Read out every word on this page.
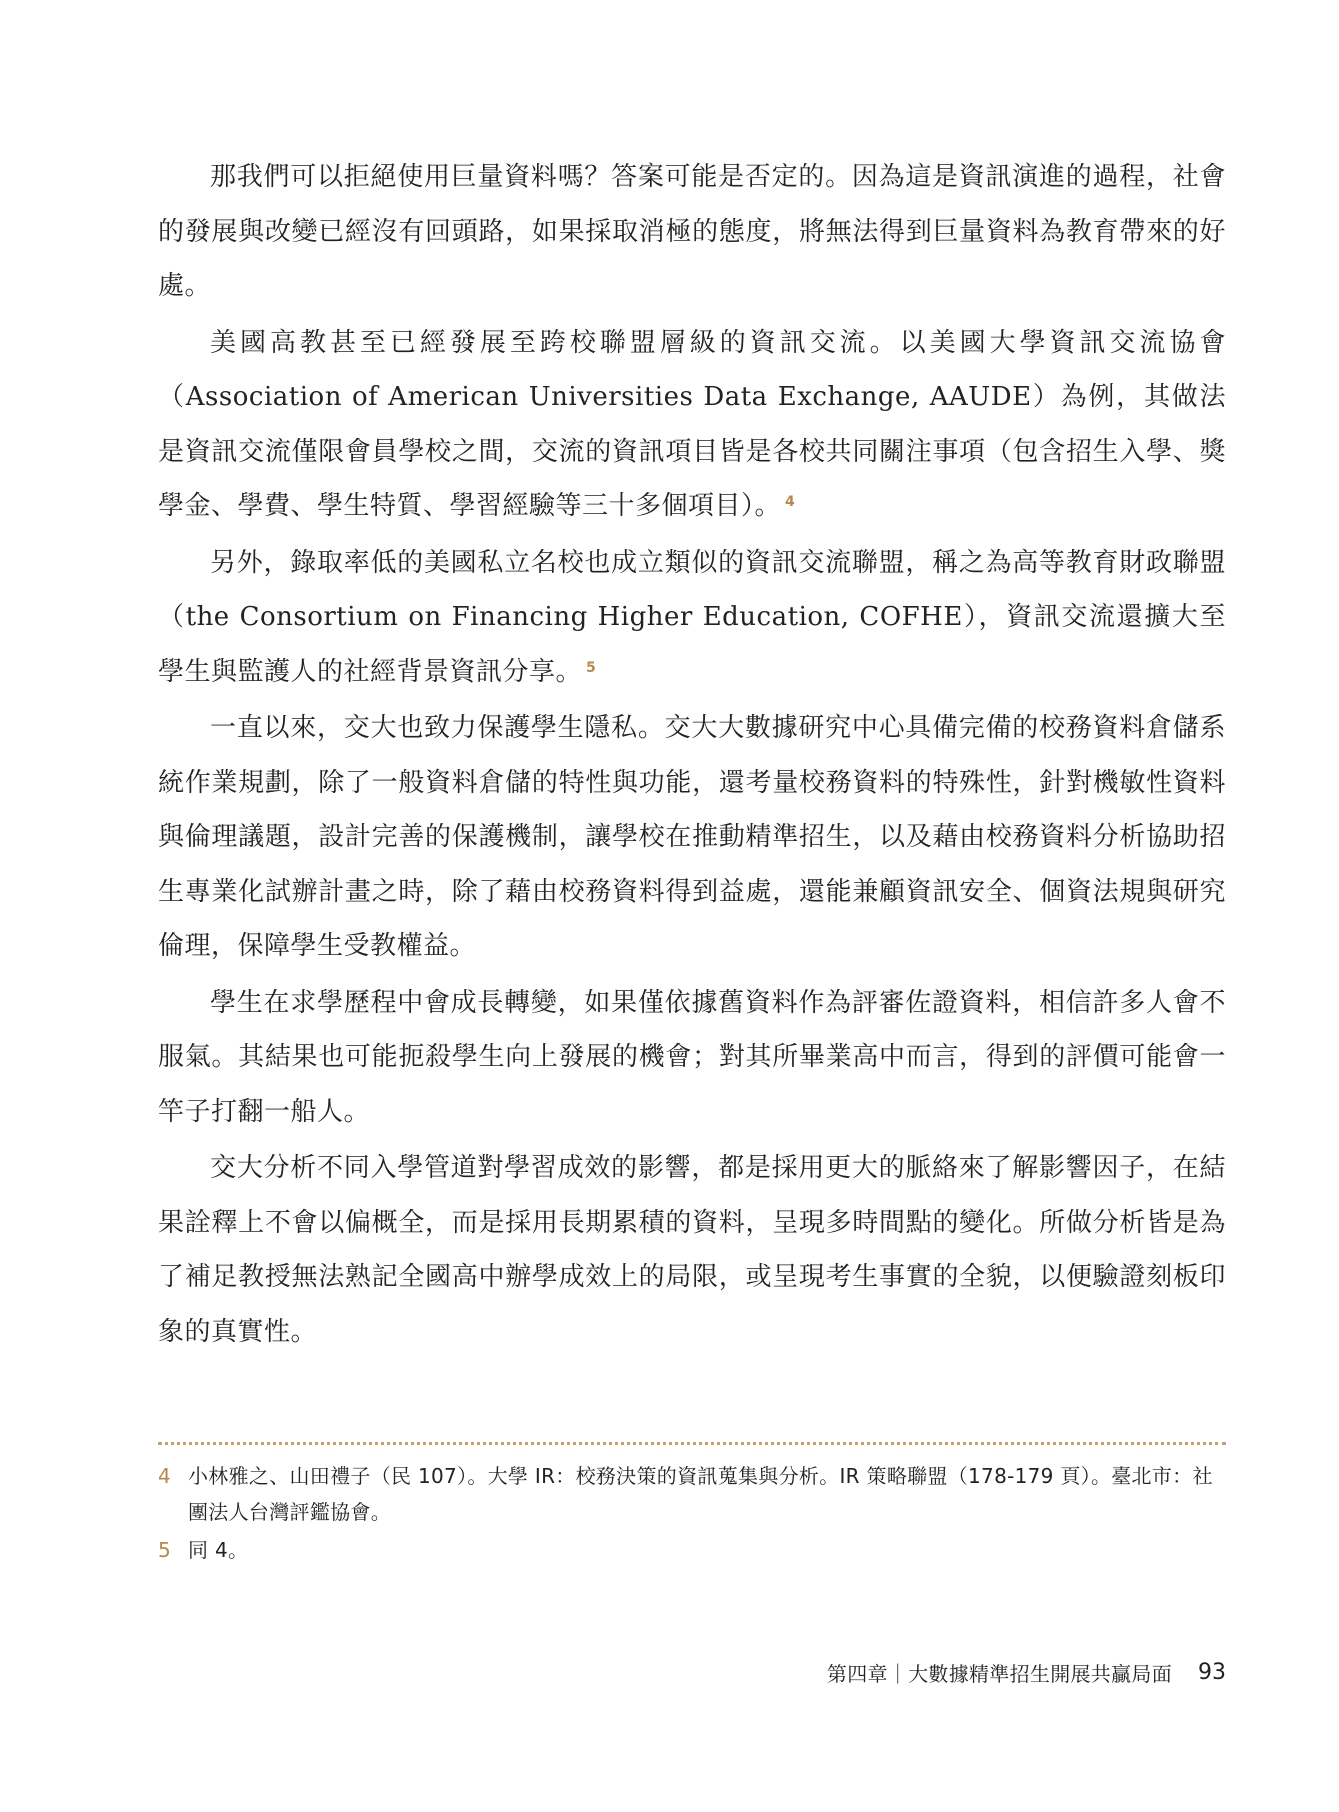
那我們可以拒絕使用巨量資料嗎？答案可能是否定的。因為這是資訊演進的過程，社會的發展與改變已經沒有回頭路，如果採取消極的態度，將無法得到巨量資料為教育帶來的好處。

美國高教甚至已經發展至跨校聯盟層級的資訊交流。以美國大學資訊交流協會（Association of American Universities Data Exchange, AAUDE）為例，其做法是資訊交流僅限會員學校之間，交流的資訊項目皆是各校共同關注事項（包含招生入學、獎學金、學費、學生特質、學習經驗等三十多個項目）。 $^4$

另外，錄取率低的美國私立名校也成立類似的資訊交流聯盟，稱之為高等教育財政聯盟（the Consortium on Financing Higher Education, COFHE），資訊交流還擴大至學生與監護人的社經背景資訊分享。 $^5$

一直以來，交大也致力保護學生隱私。交大大數據研究中心具備完備的校務資料倉儲系統作業規劃，除了一般資料倉儲的特性與功能，還考量校務資料的特殊性，針對機敏性資料與倫理議題，設計完善的保護機制，讓學校在推動精準招生，以及藉由校務資料分析協助招生專業化試辦計畫之時，除了藉由校務資料得到益處，還能兼顧資訊安全、個資法規與研究倫理，保障學生受教權益。

學生在求學歷程中會成長轉變，如果僅依據舊資料作為評審佐證資料，相信許多人會不服氣。其結果也可能扼殺學生向上發展的機會；對其所畢業高中而言，得到的評價可能會一竿子打翻一船人。

交大分析不同入學管道對學習成效的影響，都是採用更大的脈絡來了解影響因子，在結果詮釋上不會以偏概全，而是採用長期累積的資料，呈現多時間點的變化。所做分析皆是為了補足教授無法熟記全國高中辦學成效上的局限，或呈現考生事實的全貌，以便驗證刻板印象的真實性。

4 小林雅之、山田禮子（民 107）。大學 IR：校務決策的資訊蒐集與分析。IR 策略聯盟（178-179 頁）。臺北市：社團法人台灣評鑑協會。
5 同 4。
第四章｜大數據精準招生開展共贏局面 93
